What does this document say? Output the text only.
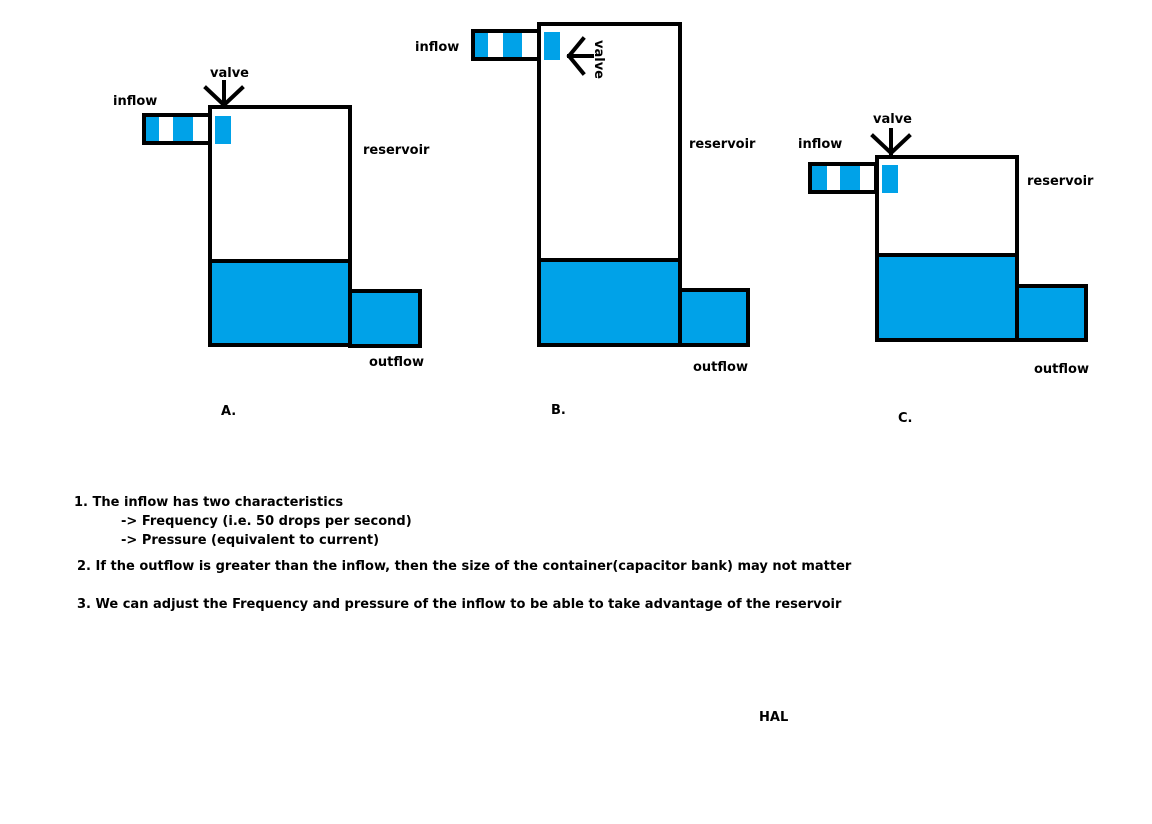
inflow
valve
reservoir
outflow
A.
inflow	valve
reservoir
outflow
B.
inflow
valve
reservoir
outflow
C.
1. The inflow has two characteristics
-> Frequency (i.e. 50 drops per second)
-> Pressure (equivalent to current)
2. If the outflow is greater than the inflow, then the size of the container(capacitor bank) may not matter
3. We can adjust the Frequency and pressure of the inflow to be able to take advantage of the reservoir
HAL
